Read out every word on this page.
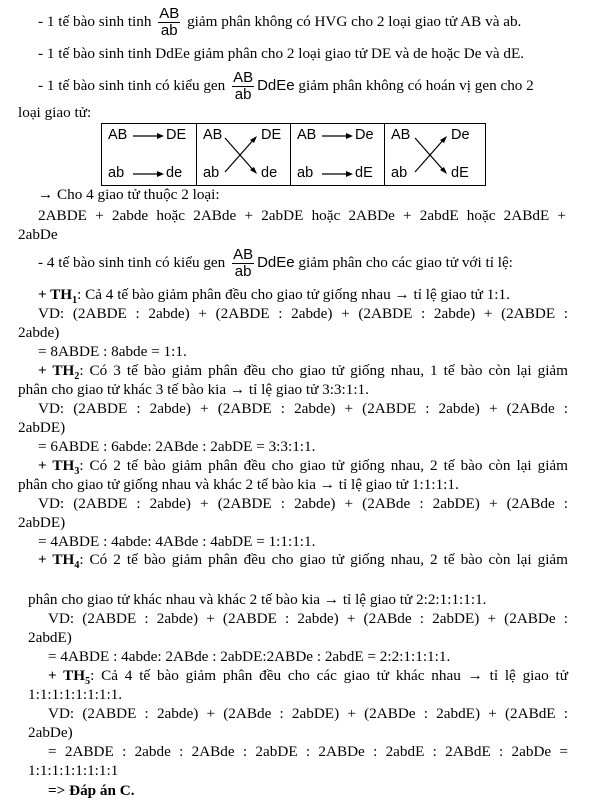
- 1 tế bào sinh tinh $\frac{AB}{ab}$ giảm phân không có HVG cho 2 loại giao tử AB và ab.
- 1 tế bào sinh tinh DdEe giảm phân cho 2 loại giao tử DE và de hoặc De và dE.
- 1 tế bào sinh tinh có kiểu gen $\frac{AB}{ab}$ DdEe giảm phân không có hoán vị gen cho 2
loại giao tử:
AB	DE
ab	de
AB	DE
ab	de
AB	De
ab	dE
AB	De
ab	dE
→ Cho 4 giao tử thuộc 2 loại:
2ABDE + 2abde hoặc 2ABde + 2abDE hoặc 2ABDe + 2abdE hoặc 2ABdE +
2abDe
- 4 tế bào sinh tinh có kiểu gen $\frac{AB}{ab}$ DdEe giảm phân cho các giao tử với tỉ lệ:
+ $TH_1$: Cả 4 tế bào giảm phân đều cho giao tử giống nhau → tỉ lệ giao tử 1:1.
VD: (2ABDE : 2abde) + (2ABDE : 2abde) + (2ABDE : 2abde) + (2ABDE :
2abde)
= 8ABDE : 8abde = 1:1.
+ $TH_2$: Có 3 tế bào giảm phân đều cho giao tử giống nhau, 1 tế bào còn lại giảm
phân cho giao tử khác 3 tế bào kia → tỉ lệ giao tử 3:3:1:1.
VD: (2ABDE : 2abde) + (2ABDE : 2abde) + (2ABDE : 2abde) + (2ABde :
2abDE)
= 6ABDE : 6abde: 2ABde : 2abDE = 3:3:1:1.
+ $TH_3$: Có 2 tế bào giảm phân đều cho giao tử giống nhau, 2 tế bào còn lại giảm
phân cho giao tử giống nhau và khác 2 tế bào kia → tỉ lệ giao tử 1:1:1:1.
VD: (2ABDE : 2abde) + (2ABDE : 2abde) + (2ABde : 2abDE) + (2ABde :
2abDE)
= 4ABDE : 4abde: 4ABde : 4abDE = 1:1:1:1.
+ $TH_4$: Có 2 tế bào giảm phân đều cho giao tử giống nhau, 2 tế bào còn lại giảm
phân cho giao tử khác nhau và khác 2 tế bào kia → tỉ lệ giao tử 2:2:1:1:1:1.
VD: (2ABDE : 2abde) + (2ABDE : 2abde) + (2ABde : 2abDE) + (2ABDe :
2abdE)
= 4ABDE : 4abde: 2ABde : 2abDE:2ABDe : 2abdE = 2:2:1:1:1:1.
+ $TH_5$: Cả 4 tế bào giảm phân đều cho các giao tử khác nhau → tỉ lệ giao tử
1:1:1:1:1:1:1:1.
VD: (2ABDE : 2abde) + (2ABde : 2abDE) + (2ABDe : 2abdE) + (2ABdE :
2abDe)
= 2ABDE : 2abde : 2ABde : 2abDE : 2ABDe : 2abdE : 2ABdE : 2abDe =
1:1:1:1:1:1:1:1
=> Đáp án C.
